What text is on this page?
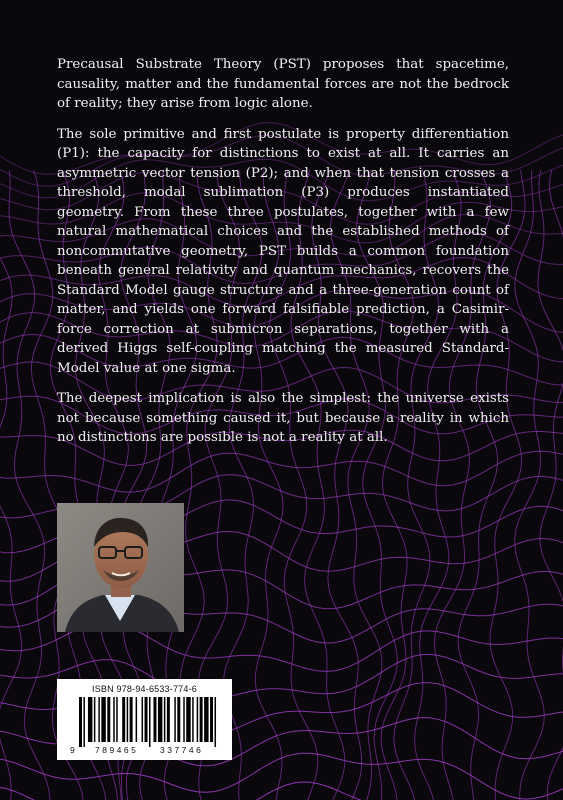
Precausal Substrate Theory (PST) proposes that spacetime, causality, matter and the fundamental forces are not the bedrock of reality; they arise from logic alone.

The sole primitive and first postulate is property differentiation (P1): the capacity for distinctions to exist at all. It carries an asymmetric vector tension (P2); and when that tension crosses a threshold, modal sublimation (P3) produces instantiated geometry. From these three postulates, together with a few natural mathematical choices and the established methods of noncommutative geometry, PST builds a common foundation beneath general relativity and quantum mechanics, recovers the Standard Model gauge structure and a three-generation count of matter, and yields one forward falsifiable prediction, a Casimir-force correction at submicron separations, together with a derived Higgs self-coupling matching the measured Standard-Model value at one sigma.

The deepest implication is also the simplest: the universe exists not because something caused it, but because a reality in which no distinctions are possible is not a reality at all.

ISBN 978-94-6533-774-6
9 789465	337746
